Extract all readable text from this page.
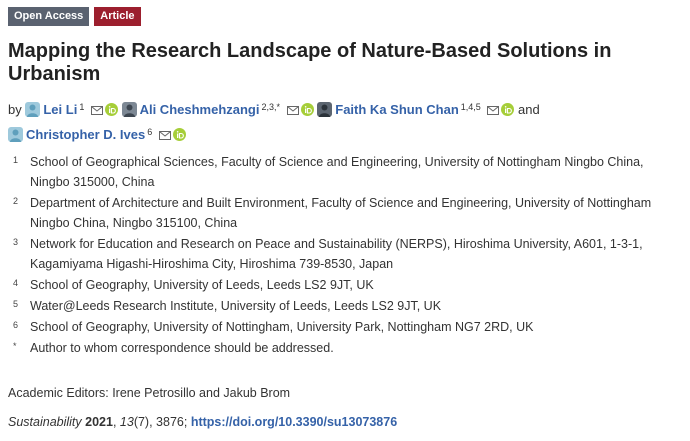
Open Access	Article
Mapping the Research Landscape of Nature-Based Solutions in Urbanism
by Lei Li $^1$	Ali Cheshmehzangi $^{2,3,*}$	Faith Ka Shun Chan $^{1,4,5}$	and
Christopher D. Ives $^6$
1 School of Geographical Sciences, Faculty of Science and Engineering, University of Nottingham Ningbo China, Ningbo 315000, China
2 Department of Architecture and Built Environment, Faculty of Science and Engineering, University of Nottingham Ningbo China, Ningbo 315100, China
3 Network for Education and Research on Peace and Sustainability (NERPS), Hiroshima University, A601, 1-3-1, Kagamiyama Higashi-Hiroshima City, Hiroshima 739-8530, Japan
4 School of Geography, University of Leeds, Leeds LS2 9JT, UK
5 Water@Leeds Research Institute, University of Leeds, Leeds LS2 9JT, UK
6 School of Geography, University of Nottingham, University Park, Nottingham NG7 2RD, UK
*	Author to whom correspondence should be addressed.
Academic Editors: Irene Petrosillo and Jakub Brom
Sustainability 2021, 13(7), 3876; https://doi.org/10.3390/su13073876
